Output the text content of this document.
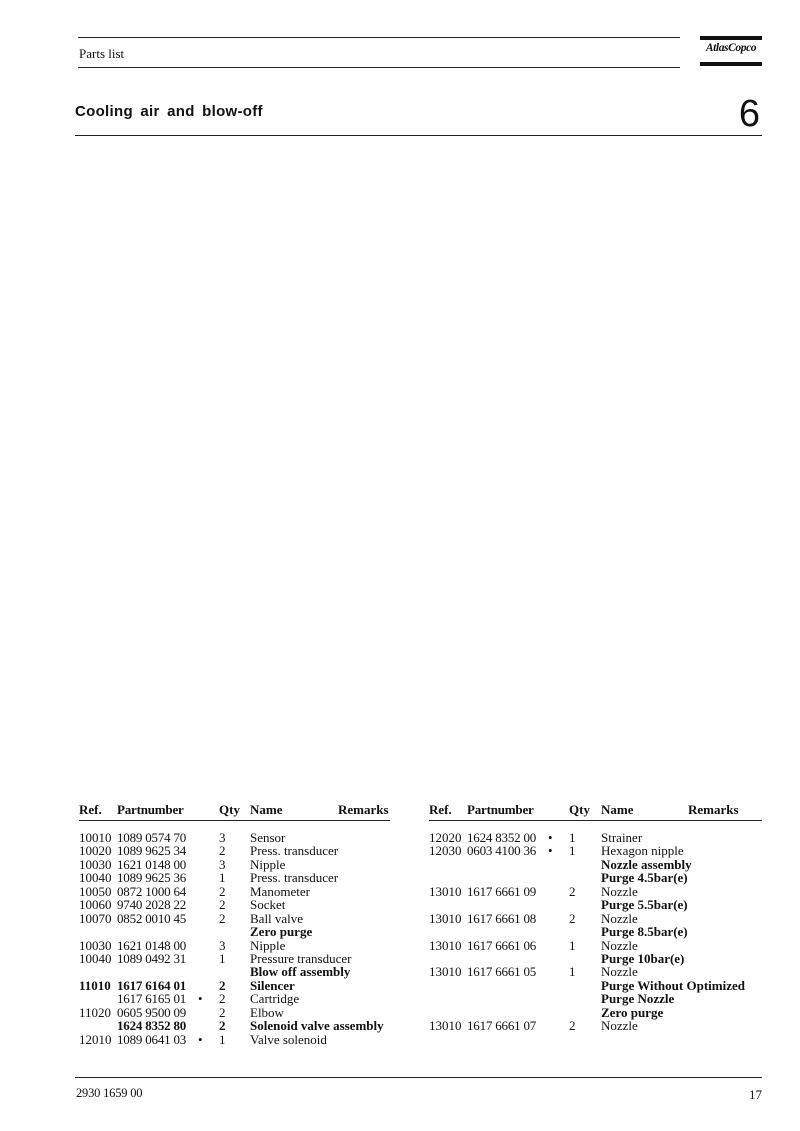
Parts list	AtlasCopco
Cooling air and blow-off	6
Ref. Partnumber	Qty Name	Remarks
10010 1089 0574 70	3 Sensor
10020 1089 9625 34	2 Press. transducer
10030 1621 0148 00	3 Nipple
10040 1089 9625 36	1 Press. transducer
10050 0872 1000 64	2 Manometer
10060 9740 2028 22	2 Socket
10070 0852 0010 45	2 Ball valve
Zero purge
10030 1621 0148 00	3 Nipple
10040 1089 0492 31	1 Pressure transducer
Blow off assembly
11010 1617 6164 01	2 Silencer
1617 6165 01 • 2 Cartridge
11020 0605 9500 09	2 Elbow
1624 8352 80	2 Solenoid valve assembly
12010 1089 0641 03 • 1 Valve solenoid
Ref. Partnumber	Qty Name	Remarks
12020 1624 8352 00 • 1 Strainer
12030 0603 4100 36 • 1 Hexagon nipple
Nozzle assembly
Purge 4.5bar(e)
13010 1617 6661 09	2 Nozzle
Purge 5.5bar(e)
13010 1617 6661 08	2 Nozzle
Purge 8.5bar(e)
13010 1617 6661 06	1 Nozzle
Purge 10bar(e)
13010 1617 6661 05	1 Nozzle
Purge Without Optimized
Purge Nozzle
Zero purge
13010 1617 6661 07	2 Nozzle
2930 1659 00	17
